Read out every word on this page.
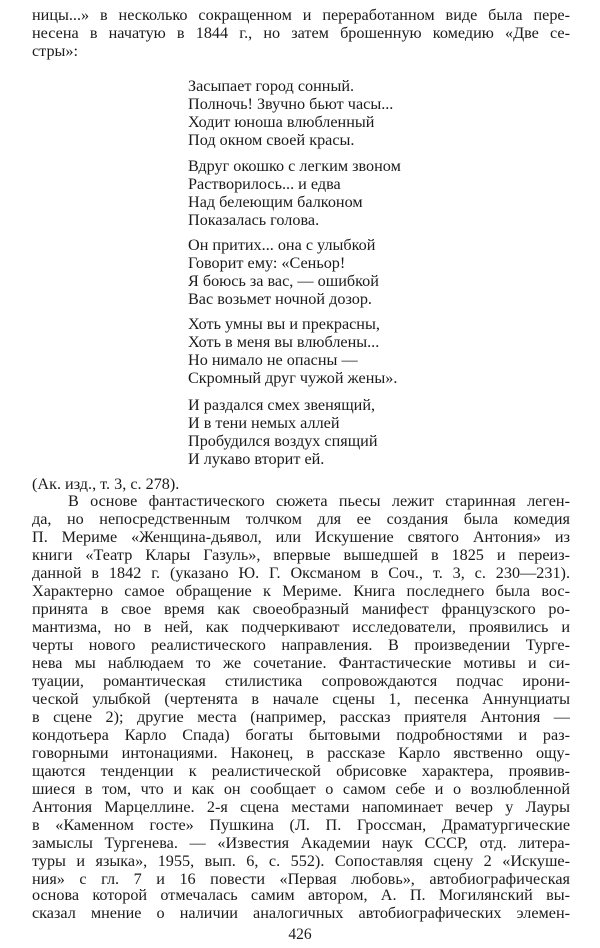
ницы...» в несколько сокращенном и переработанном виде была пере-
несена в начатую в 1844 г., но затем брошенную комедию «Две се-
стры»:
Засыпает город сонный.
Полночь! Звучно бьют часы...
Ходит юноша влюбленный
Под окном своей красы.
Вдруг окошко с легким звоном
Растворилось... и едва
Над белеющим балконом
Показалась голова.
Он притих... она с улыбкой
Говорит ему: «Сеньор!
Я боюсь за вас, — ошибкой
Вас возьмет ночной дозор.
Хоть умны вы и прекрасны,
Хоть в меня вы влюблены...
Но нимало не опасны —
Скромный друг чужой жены».
И раздался смех звенящий,
И в тени немых аллей
Пробудился воздух спящий
И лукаво вторит ей.
(Ак. изд., т. 3, с. 278).
В основе фантастического сюжета пьесы лежит старинная леген-
да, но непосредственным толчком для ее создания была комедия
П. Мериме «Женщина-дьявол, или Искушение святого Антония» из
книги «Театр Клары Газуль», впервые вышедшей в 1825 и переиз-
данной в 1842 г. (указано Ю. Г. Оксманом в Соч., т. 3, с. 230—231).
Характерно самое обращение к Мериме. Книга последнего была вос-
принята в свое время как своеобразный манифест французского ро-
мантизма, но в ней, как подчеркивают исследователи, проявились и
черты нового реалистического направления. В произведении Турге-
нева мы наблюдаем то же сочетание. Фантастические мотивы и си-
туации, романтическая стилистика сопровождаются подчас ирони-
ческой улыбкой (чертенята в начале сцены 1, песенка Аннунциаты
в сцене 2); другие места (например, рассказ приятеля Антония —
кондотьера Карло Спада) богаты бытовыми подробностями и раз-
говорными интонациями. Наконец, в рассказе Карло явственно ощу-
щаются тенденции к реалистической обрисовке характера, проявив-
шиеся в том, что и как он сообщает о самом себе и о возлюбленной
Антония Марцеллине. 2-я сцена местами напоминает вечер у Лауры
в «Каменном госте» Пушкина (Л. П. Гроссман, Драматургические
замыслы Тургенева. — «Известия Академии наук СССР, отд. литера-
туры и языка», 1955, вып. 6, с. 552). Сопоставляя сцену 2 «Искуше-
ния» с гл. 7 и 16 повести «Первая любовь», автобиографическая
основа которой отмечалась самим автором, А. П. Могилянский вы-
сказал мнение о наличии аналогичных автобиографических элемен-
426
